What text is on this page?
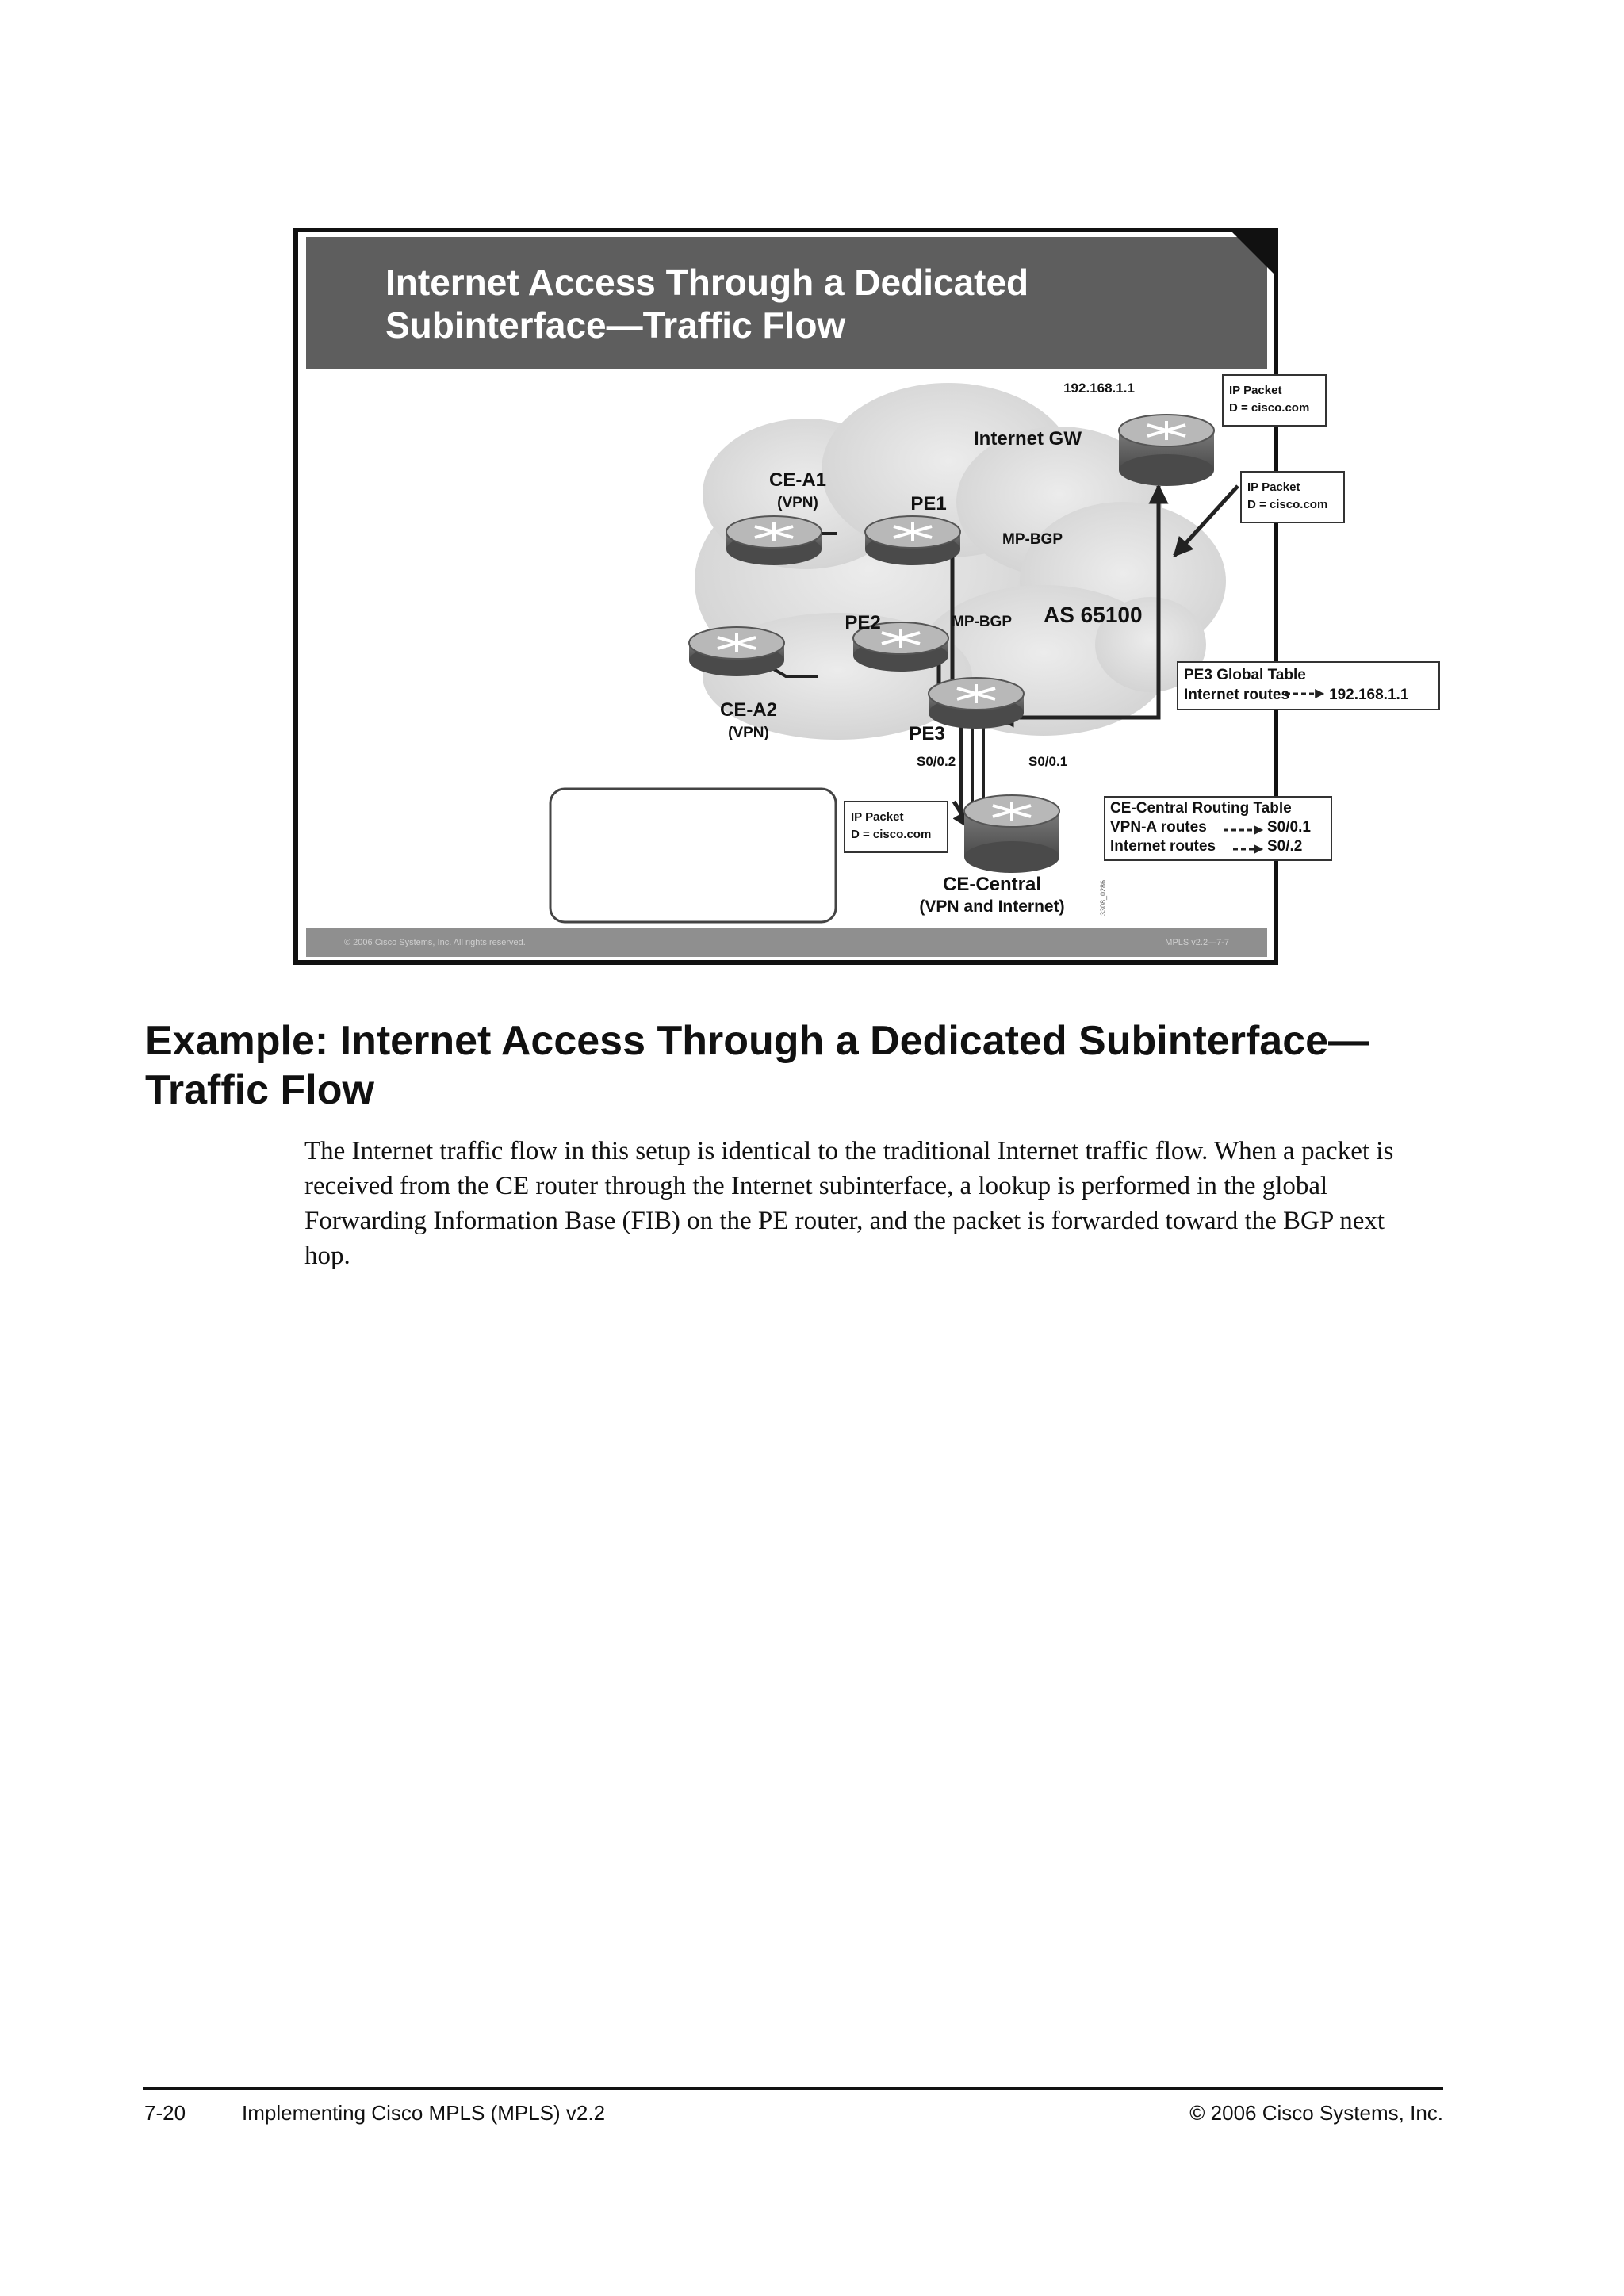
Internet Access Through a Dedicated
Subinterface—Traffic Flow
192.168.1.1
Internet GW
IP Packet
D = cisco.com
IP Packet
D = cisco.com
CE-A1
(VPN)	PE1
MP-BGP
PE2	MP-BGP AS 65100
CE-A2
(VPN)	PE3
PE3 Global Table
Internet routes	192.168.1.1
S0/0.2	S0/0.1
IP Packet
D = cisco.com
CE-Central Routing Table
VPN-A routes	S0/0.1
Internet routes	S0/.2
CE-Central
(VPN and Internet)	3308_0286
© 2006 Cisco Systems, Inc. All rights reserved.	MPLS v2.2—7-7
Example: Internet Access Through a Dedicated Subinterface— Traffic Flow

The Internet traffic flow in this setup is identical to the traditional Internet traffic flow. When a packet is received from the CE router through the Internet subinterface, a lookup is performed in the global Forwarding Information Base (FIB) on the PE router, and the packet is forwarded toward the BGP next hop.

7-20	Implementing Cisco MPLS (MPLS) v2.2	© 2006 Cisco Systems, Inc.
